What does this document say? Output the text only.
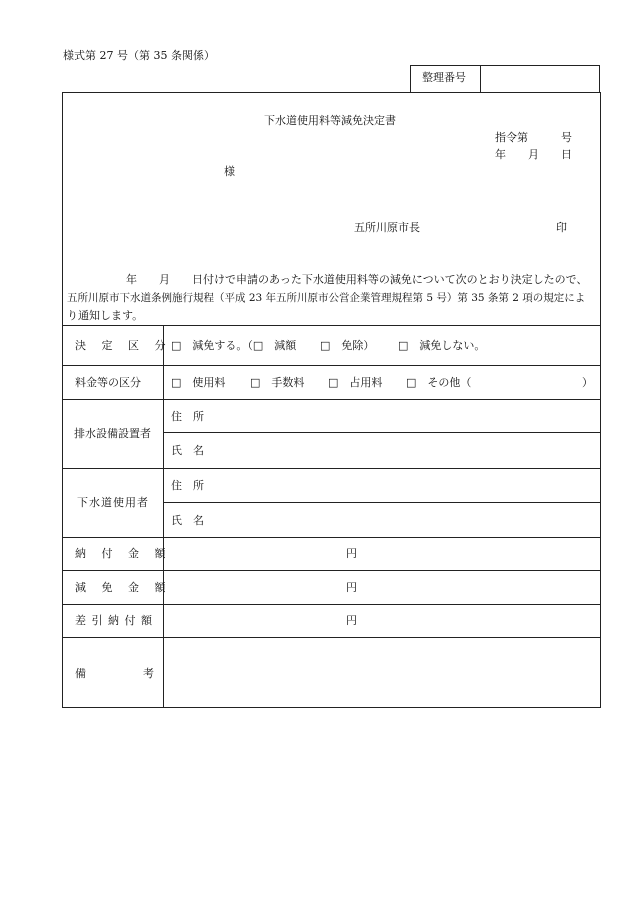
様式第 27 号（第 35 条関係）
整理番号
下水道使用料等減免決定書
指令第　　　号
年　　月　　日
様
五所川原市長	印
年　　月　　日付けで申請のあった下水道使用料等の減免について次のとおり決定したので、
五所川原市下水道条例施行規程（平成 23 年五所川原市公営企業管理規程第 5 号）第 35 条第 2 項の規定によ
り通知します。
決 定 区 分 □　減免する。（□　減額 □　免除） □　減免しない。
料金等の区分	□　使用料 □　手数料 □　占用料 □　その他（	）
排水設備設置者
住　所
氏　名
下水道使用者
住　所
氏　名
納 付 金 額	円
減 免 金 額	円
差 引 納 付 額	円
備	考
